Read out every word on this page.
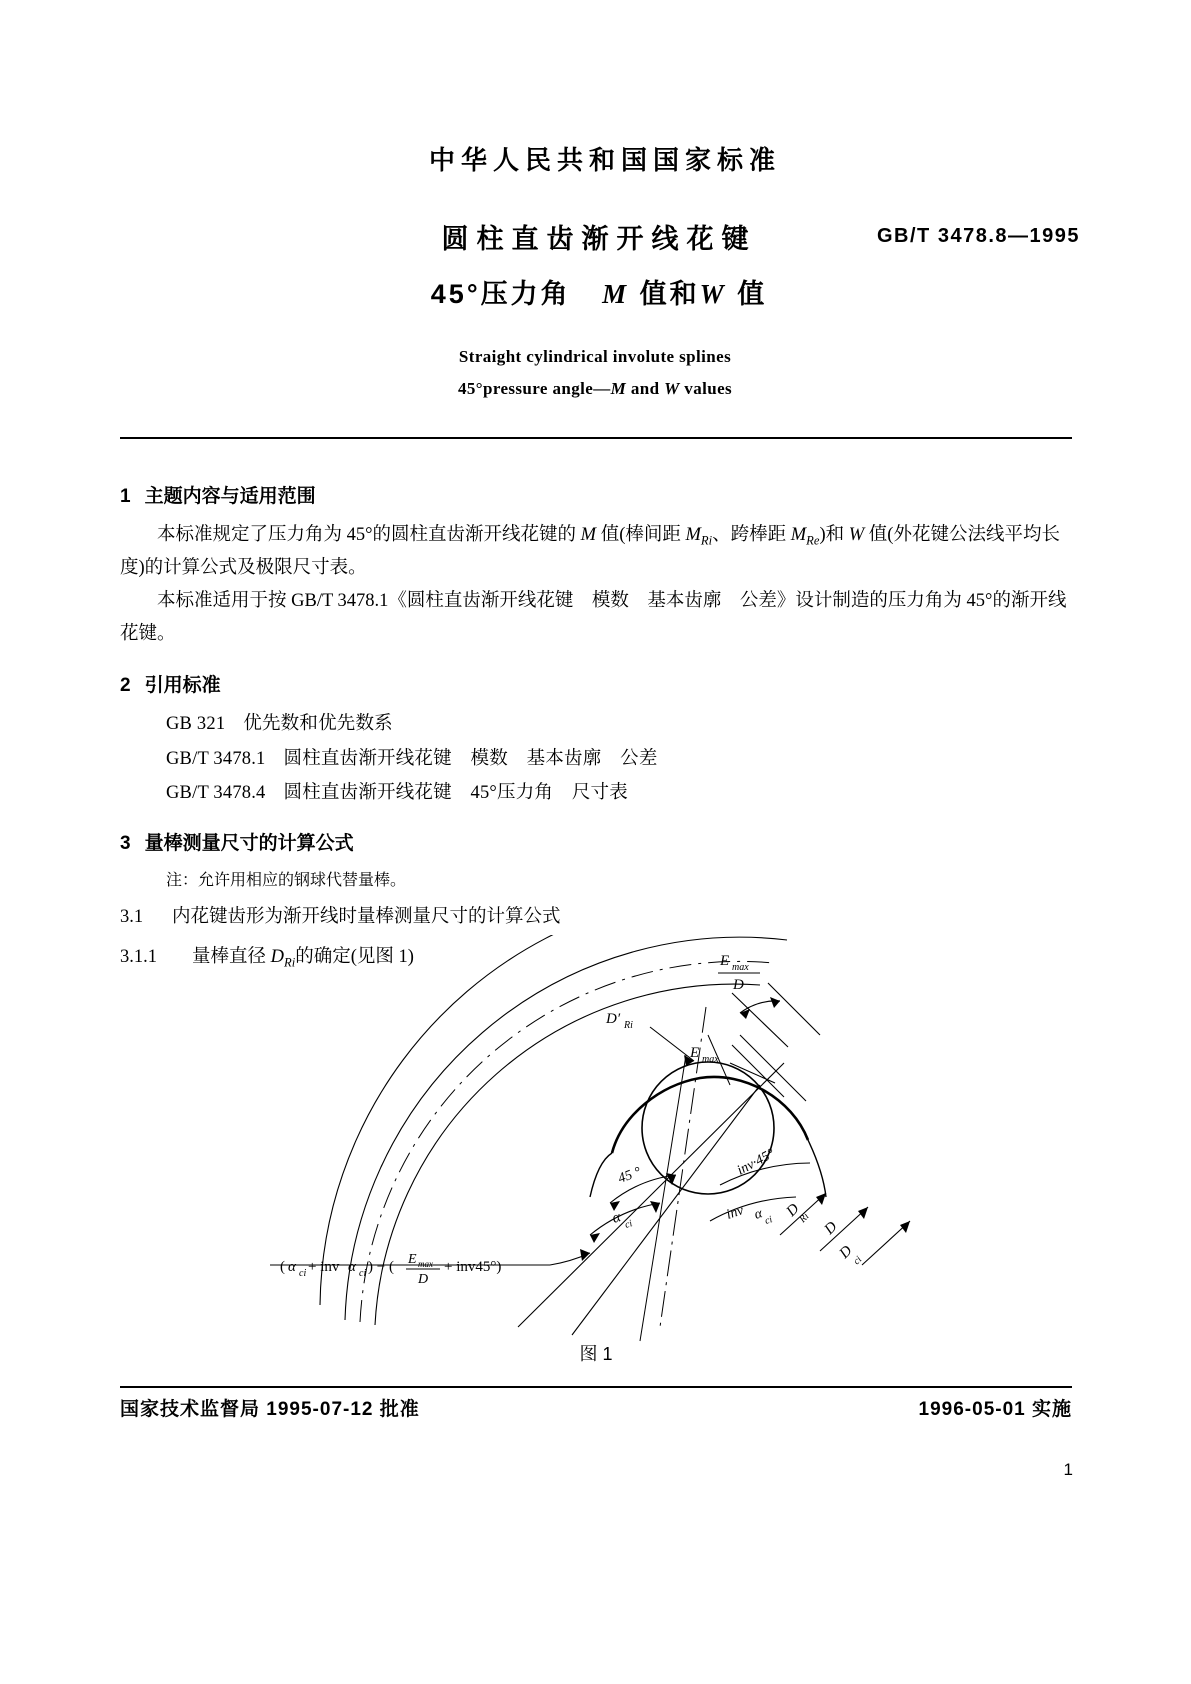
中华人民共和国国家标准
圆柱直齿渐开线花键
45°压力角 M 值和W 值
GB/T 3478.8—1995
Straight cylindrical involute splines
45°pressure angle—M and W values
1 主题内容与适用范围

本标准规定了压力角为 45°的圆柱直齿渐开线花键的 M 值(棒间距 $M_{Ri}$、跨棒距 $M_{Re}$)和 W 值(外花键公法线平均长度)的计算公式及极限尺寸表。

本标准适用于按 GB/T 3478.1《圆柱直齿渐开线花键　模数　基本齿廓　公差》设计制造的压力角为 45°的渐开线花键。

2 引用标准
GB 321 优先数和优先数系
GB/T 3478.1 圆柱直齿渐开线花键　模数　基本齿廓　公差
GB/T 3478.4 圆柱直齿渐开线花键　45°压力角　尺寸表
3 量棒测量尺寸的计算公式
注：允许用相应的钢球代替量棒。
3.1 内花键齿形为渐开线时量棒测量尺寸的计算公式
3.1.1 量棒直径 $D_{Ri}$的确定(见图 1)	E max
D
D′ Ri
E max
45 °
α ci
inv·45°
inv α ci
D
Ri
D
D
ci
( α ci + inv α ci ) − ( E max
D
+ inv45°)
图 1
国家技术监督局 1995-07-12 批准	1996-05-01 实施
1
